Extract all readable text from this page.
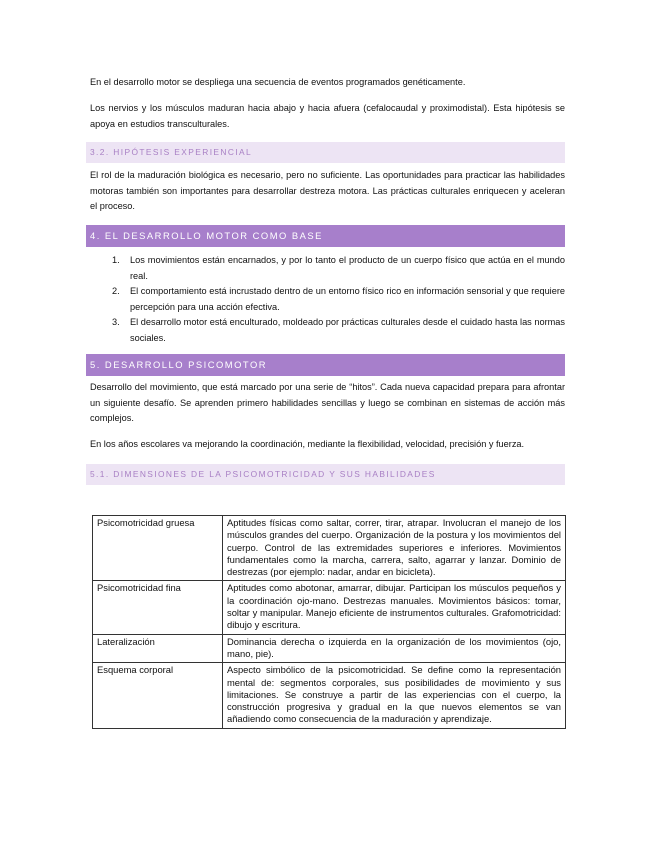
En el desarrollo motor se despliega una secuencia de eventos programados genéticamente.

Los nervios y los músculos maduran hacia abajo y hacia afuera (cefalocaudal y proximodistal). Esta hipótesis se apoya en estudios transculturales.

3.2. HIPÓTESIS EXPERIENCIAL

El rol de la maduración biológica es necesario, pero no suficiente. Las oportunidades para practicar las habilidades motoras también son importantes para desarrollar destreza motora. Las prácticas culturales enriquecen y aceleran el proceso.

4. EL DESARROLLO MOTOR COMO BASE
1. Los movimientos están encarnados, y por lo tanto el producto de un cuerpo físico que actúa en el mundo real.
2. El comportamiento está incrustado dentro de un entorno físico rico en información sensorial y que requiere percepción para una acción efectiva.
3. El desarrollo motor está enculturado, moldeado por prácticas culturales desde el cuidado hasta las normas sociales.
5. DESARROLLO PSICOMOTOR

Desarrollo del movimiento, que está marcado por una serie de “hitos”. Cada nueva capacidad prepara para afrontar un siguiente desafío. Se aprenden primero habilidades sencillas y luego se combinan en sistemas de acción más complejos.

En los años escolares va mejorando la coordinación, mediante la flexibilidad, velocidad, precisión y fuerza.

5.1. DIMENSIONES DE LA PSICOMOTRICIDAD Y SUS HABILIDADES
Psicomotricidad gruesa	Aptitudes físicas como saltar, correr, tirar, atrapar. Involucran el manejo de los músculos grandes del cuerpo. Organización de la postura y los movimientos del cuerpo. Control de las extremidades superiores e inferiores. Movimientos fundamentales como la marcha, carrera, salto, agarrar y lanzar. Dominio de destrezas (por ejemplo: nadar, andar en bicicleta).
Psicomotricidad fina	Aptitudes como abotonar, amarrar, dibujar. Participan los músculos pequeños y la coordinación ojo-mano. Destrezas manuales. Movimientos básicos: tomar, soltar y manipular. Manejo eficiente de instrumentos culturales. Grafomotricidad: dibujo y escritura.
Lateralización	Dominancia derecha o izquierda en la organización de los movimientos (ojo, mano, pie).
Esquema corporal	Aspecto simbólico de la psicomotricidad. Se define como la representación mental de: segmentos corporales, sus posibilidades de movimiento y sus limitaciones. Se construye a partir de las experiencias con el cuerpo, la construcción progresiva y gradual en la que nuevos elementos se van añadiendo como consecuencia de la maduración y aprendizaje.
